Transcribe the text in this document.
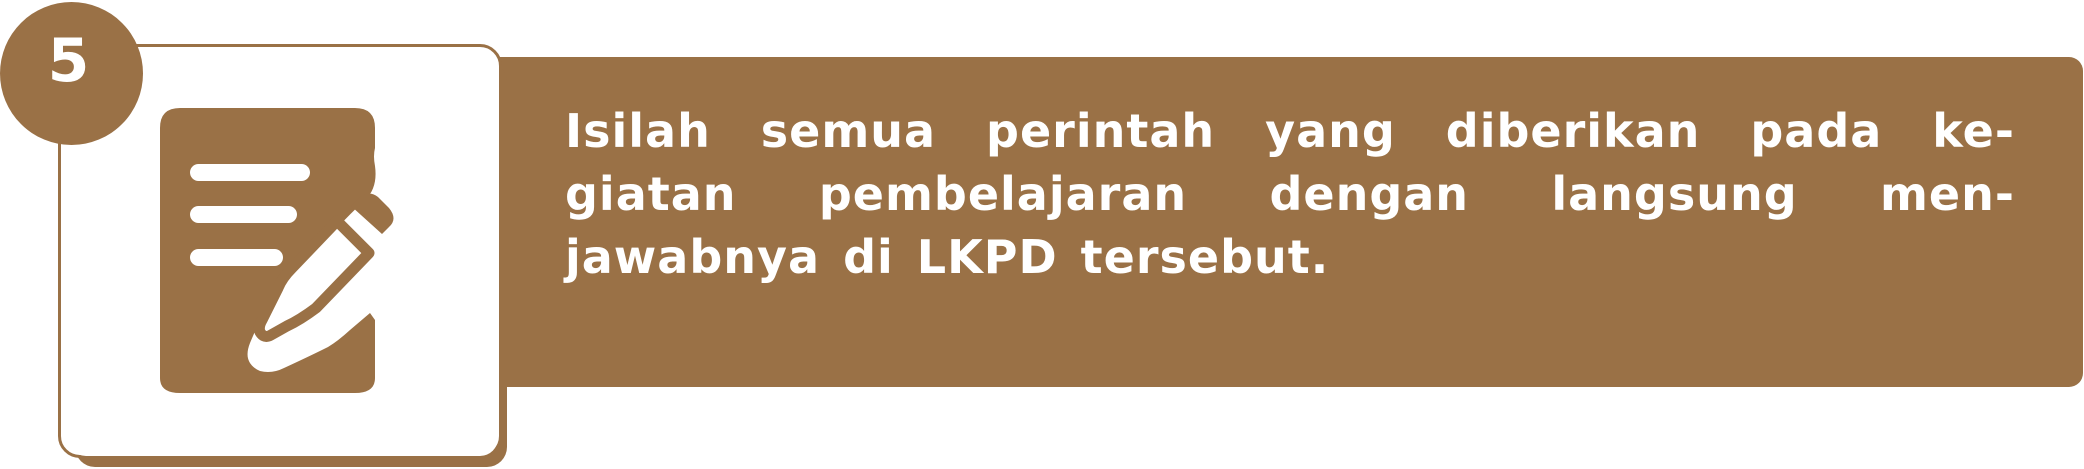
5
Isilah semua perintah yang diberikan pada ke-
giatan pembelajaran dengan langsung men-
jawabnya di LKPD tersebut.
